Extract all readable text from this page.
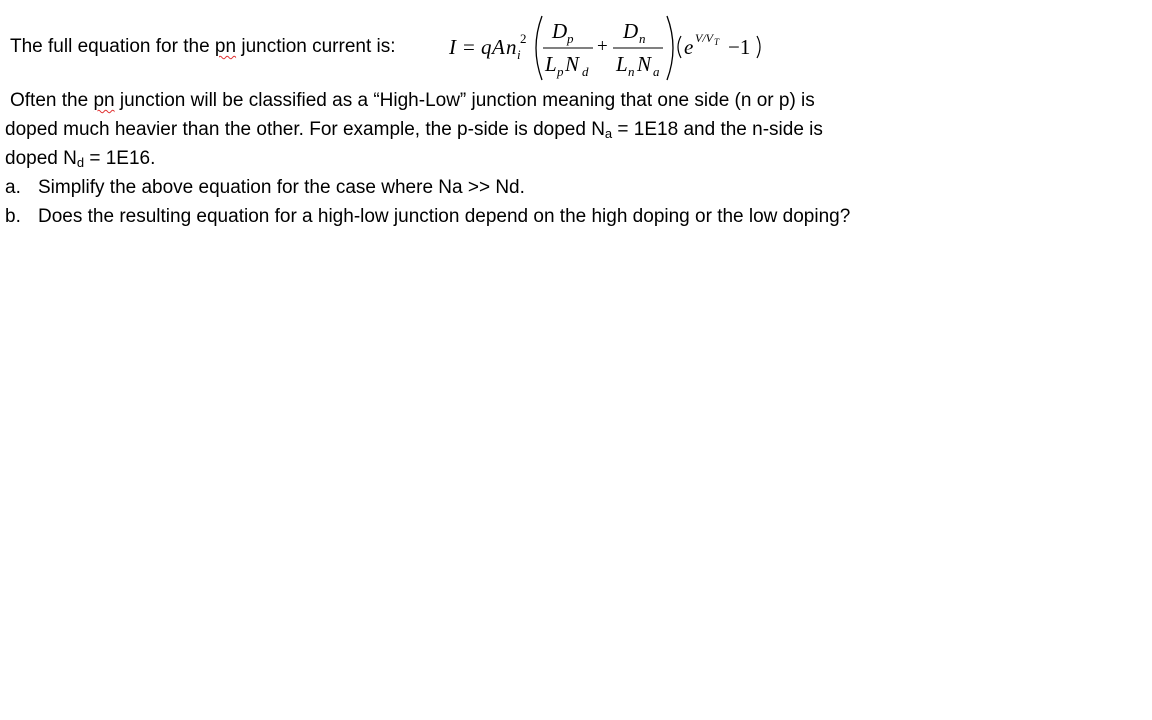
The full equation for the pn junction current is:	I = q A n i
2 D p
L p N d
+
D n
L n N a
e V/V T −1
Often the pn junction will be classified as a “High-Low” junction meaning that one side (n or p) is
doped much heavier than the other. For example, the p-side is doped $N_a = 1E18$ and the n-side is
doped $N_d = 1E16$.
a. Simplify the above equation for the case where Na >> Nd.
b. Does the resulting equation for a high-low junction depend on the high doping or the low doping?
